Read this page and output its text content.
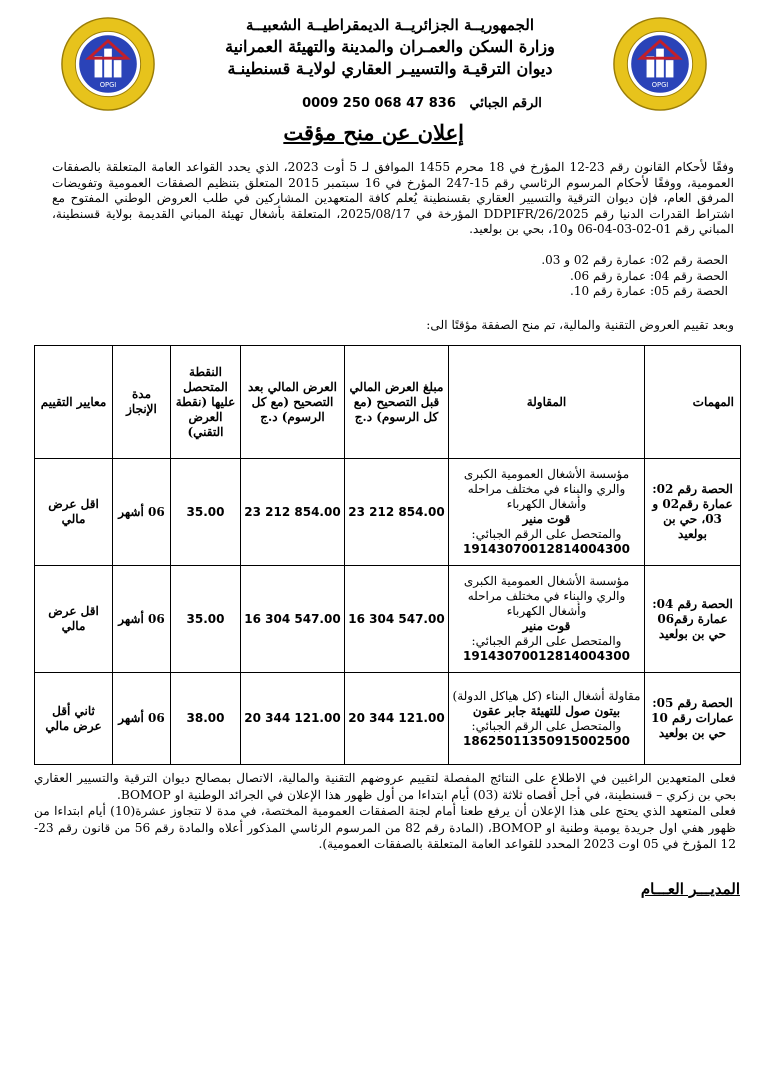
OPGI	OPGI
الجمهوريــة الجزائريــة الديمقراطيــة الشعبيــة
وزارة السكن والعمـران والمدينة والتهيئة العمرانية
ديوان الترقيـة والتسييـر العقاري لولايـة قسنطينـة
الرقم الجبائي   0009 250 068 47 836
إعلان عن منح مؤقت

وفقًا لأحكام القانون رقم 23-12 المؤرخ في 18 محرم 1455 الموافق لـ 5 أوت 2023، الذي يحدد القواعد العامة المتعلقة بالصفقات العمومية، ووفقًا لأحكام المرسوم الرئاسي رقم 15-247 المؤرخ في 16 سبتمبر 2015 المتعلق بتنظيم الصفقات العمومية وتفويضات المرفق العام، فإن ديوان الترقية والتسيير العقاري بقسنطينة يُعلم كافة المتعهدين المشاركين في طلب العروض الوطني المفتوح مع اشتراط القدرات الدنيا رقم 2025/DDPIFR/26 المؤرخة في 2025/08/17، المتعلقة بأشغال تهيئة المباني القديمة بولاية قسنطينة، المباني رقم 01-02-03-04-06 و10، بحي بن بولعيد.

الحصة رقم 02: عمارة رقم 02 و 03.
الحصة رقم 04: عمارة رقم 06.
الحصة رقم 05: عمارة رقم 10.
وبعد تقييم العروض التقنية والمالية، تم منح الصفقة مؤقتًا الى:
المهمات	المقاولة	مبلغ العرض المالي قبل التصحيح (مع كل الرسوم) د.ج	العرض المالي بعد التصحيح (مع كل الرسوم) د.ج	النقطة المتحصل عليها (نقطة العرض التقني)	مدة الإنجاز	معايير التقييم
الحصة رقم 02: عمارة رقم02 و 03، حي بن بولعيد	مؤسسة الأشغال العمومية الكبرى والري والبناء في مختلف مراحله وأشغال الكهرباء
قوت منير
والمتحصل على الرقم الجبائي:
19143070012814004300	23 212 854.00	23 212 854.00	35.00	06 أشهر	اقل عرض مالي
الحصة رقم 04: عمارة رقم06 حي بن بولعيد	مؤسسة الأشغال العمومية الكبرى والري والبناء في مختلف مراحله وأشغال الكهرباء
قوت منير
والمتحصل على الرقم الجبائي:
19143070012814004300	16 304 547.00	16 304 547.00	35.00	06 أشهر	اقل عرض مالي
الحصة رقم 05: عمارات رقم 10 حي بن بولعيد	مقاولة أشغال البناء (كل هياكل الدولة)
بيتون صول للتهيئة جابر عقون
والمتحصل على الرقم الجبائي:
18625011350915002500	20 344 121.00	20 344 121.00	38.00	06 أشهر	ثاني أقل عرض مالي

فعلى المتعهدين الراغبين في الاطلاع على النتائج المفصلة لتقييم عروضهم التقنية والمالية، الاتصال بمصالح ديوان الترقية والتسيير العقاري بحي بن زكري – قسنطينة، في أجل أقصاه ثلاثة (03) أيام ابتداءا من أول ظهور هذا الإعلان في الجرائد الوطنية او BOMOP.

فعلى المتعهد الذي يحتج على هذا الإعلان أن يرفع طعنا أمام لجنة الصفقات العمومية المختصة، في مدة لا تتجاوز عشرة(10) أيام ابتداءا من ظهور هفي اول جريدة يومية وطنية او BOMOP، (المادة رقم 82 من المرسوم الرئاسي المذكور أعلاه والمادة رقم 56 من قانون رقم 23-12 المؤرخ في 05 اوت 2023 المحدد للقواعد العامة المتعلقة بالصفقات العمومية).

المديـــر العـــام
